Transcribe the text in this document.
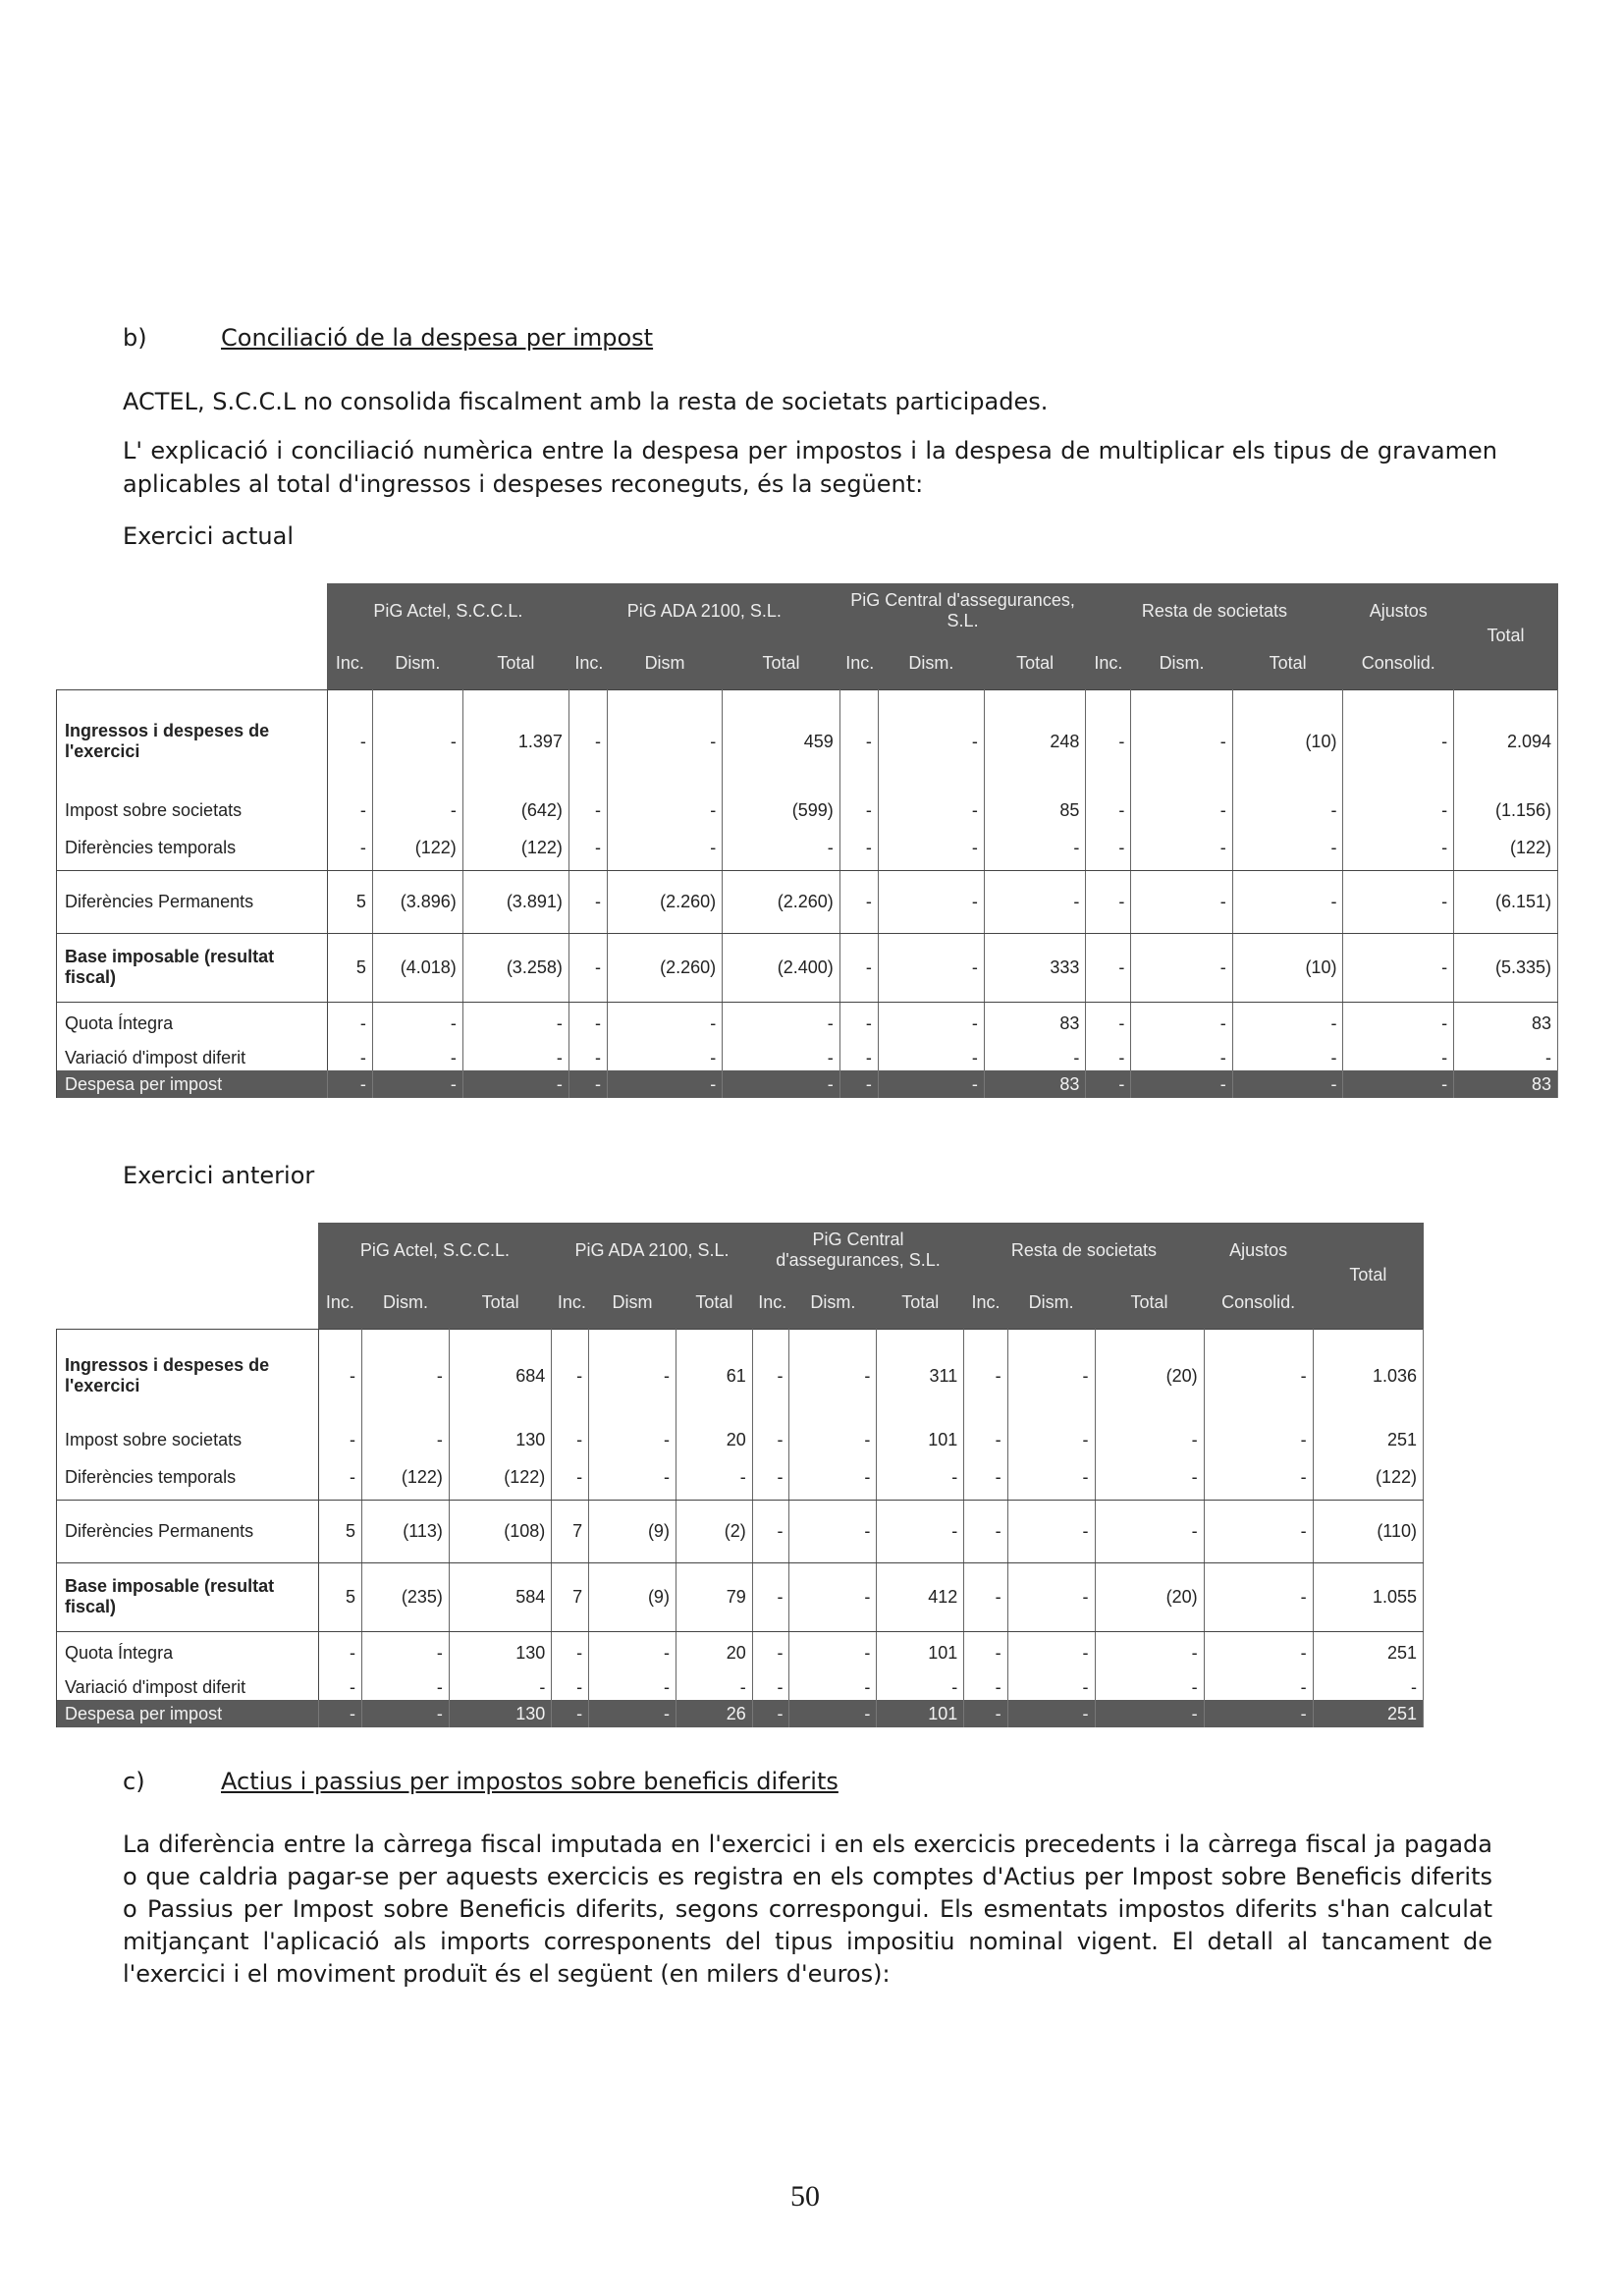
b)	Conciliació de la despesa per impost
ACTEL, S.C.C.L no consolida fiscalment amb la resta de societats participades.
L' explicació i conciliació numèrica entre la despesa per impostos i la despesa de multiplicar els tipus de gravamen aplicables al total d'ingressos i despeses reconeguts, és la següent:
Exercici actual
	PiG Actel, S.C.C.L.			PiG ADA 2100, S.L.			PiG Central d'assegurances, S.L.			Resta de societats			Ajustos	Total
	Inc.	Dism.	Total	Inc.	Dism	Total	Inc.	Dism.	Total	Inc.	Dism.	Total	Consolid.	
Ingressos i despeses de l'exercici	-	-	1.397	-	-	459	-	-	248	-	-	(10)	-	2.094
Impost sobre societats	-	-	(642)	-	-	(599)	-	-	85	-	-	-	-	(1.156)
Diferències temporals	-	(122)	(122)	-	-	-	-	-	-	-	-	-	-	(122)
Diferències Permanents	5	(3.896)	(3.891)	-	(2.260)	(2.260)	-	-	-	-	-	-	-	(6.151)
Base imposable (resultat fiscal)	5	(4.018)	(3.258)	-	(2.260)	(2.400)	-	-	333	-	-	(10)	-	(5.335)
Quota Íntegra	-	-	-	-	-	-	-	-	83	-	-	-	-	83
Variació d'impost diferit	-	-	-	-	-	-	-	-	-	-	-	-	-	-
Despesa per impost	-	-	-	-	-	-	-	-	83	-	-	-	-	83
Exercici anterior
	PiG Actel, S.C.C.L.			PiG ADA 2100, S.L.			PiG Central d'assegurances, S.L.			Resta de societats			Ajustos	Total
	Inc.	Dism.	Total	Inc.	Dism	Total	Inc.	Dism.	Total	Inc.	Dism.	Total	Consolid.	
Ingressos i despeses de l'exercici	-	-	684	-	-	61	-	-	311	-	-	(20)	-	1.036
Impost sobre societats	-	-	130	-	-	20	-	-	101	-	-	-	-	251
Diferències temporals	-	(122)	(122)	-	-	-	-	-	-	-	-	-	-	(122)
Diferències Permanents	5	(113)	(108)	7	(9)	(2)	-	-	-	-	-	-	-	(110)
Base imposable (resultat fiscal)	5	(235)	584	7	(9)	79	-	-	412	-	-	(20)	-	1.055
Quota Íntegra	-	-	130	-	-	20	-	-	101	-	-	-	-	251
Variació d'impost diferit	-	-	-	-	-	-	-	-	-	-	-	-	-	-
Despesa per impost	-	-	130	-	-	26	-	-	101	-	-	-	-	251
c)	Actius i passius per impostos sobre beneficis diferits
La diferència entre la càrrega fiscal imputada en l'exercici i en els exercicis precedents i la càrrega fiscal ja pagada o que caldria pagar-se per aquests exercicis es registra en els comptes d'Actius per Impost sobre Beneficis diferits o Passius per Impost sobre Beneficis diferits, segons correspongui. Els esmentats impostos diferits s'han calculat mitjançant l'aplicació als imports corresponents del tipus impositiu nominal vigent. El detall al tancament de l'exercici i el moviment produït és el següent (en milers d'euros):
50
